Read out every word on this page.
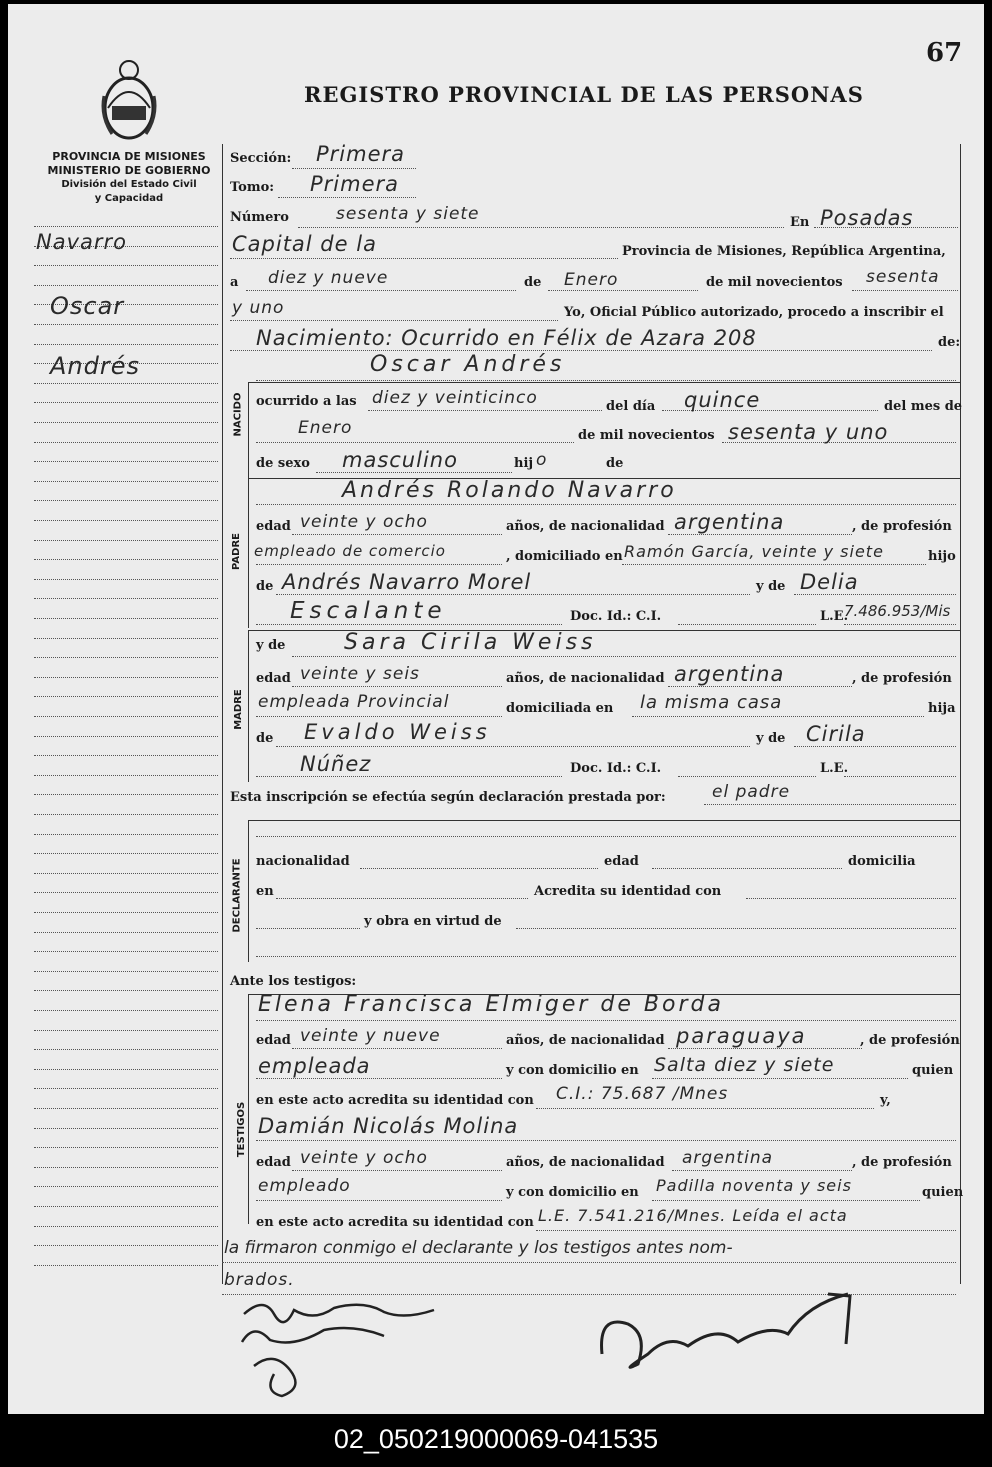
67
REGISTRO PROVINCIAL DE LAS PERSONAS
PROVINCIA DE MISIONES
MINISTERIO DE GOBIERNO
División del Estado Civil
y Capacidad
Navarro
Oscar
Andrés
Sección: Primera
Tomo: Primera
Número	sesenta y siete	En Posadas
Capital de la	Provincia de Misiones, República Argentina,
a diez y nueve	de Enero	de mil novecientos sesenta
y uno	Yo, Oficial Público autorizado, procedo a inscribir el
Nacimiento: Ocurrido en Félix de Azara 208	de:
NACIDO
Oscar Andrés
ocurrido a las diez y veinticinco	del día quince	del mes de
Enero	de mil novecientos sesenta y uno
de sexo masculino	hij o	de
PADRE
Andrés Rolando Navarro
edad veinte y ocho	años, de nacionalidad argentina	, de profesión
empleado de comercio	, domiciliado en Ramón García, veinte y siete	hijo
de Andrés Navarro Morel	y de Delia
Escalante	Doc. Id.: C.I.	L.E.
7.486.953/Mis
MADRE
y de	Sara Cirila Weiss
edad veinte y seis	años, de nacionalidad argentina	, de profesión
empleada Provincial	domiciliada en la misma casa	hija
de Evaldo Weiss	y de Cirila
Núñez	Doc. Id.: C.I.	L.E.
Esta inscripción se efectúa según declaración prestada por:	el padre
DECLARANTE nacionalidad	edad	domicilia
en	Acredita su identidad con
y obra en virtud de
Ante los testigos:
TESTIGOS
Elena Francisca Elmiger de Borda
edad veinte y nueve	años, de nacionalidad paraguaya	, de profesión
empleada	y con domicilio en Salta diez y siete	quien
en este acto acredita su identidad con C.I.: 75.687 /Mnes	y,
Damián Nicolás Molina
edad veinte y ocho	años, de nacionalidad argentina	, de profesión
empleado	y con domicilio en Padilla noventa y seis	quien
en este acto acredita su identidad con L.E. 7.541.216/Mnes. Leída el acta
la firmaron conmigo el declarante y los testigos antes nom-
brados.
02_050219000069-041535
